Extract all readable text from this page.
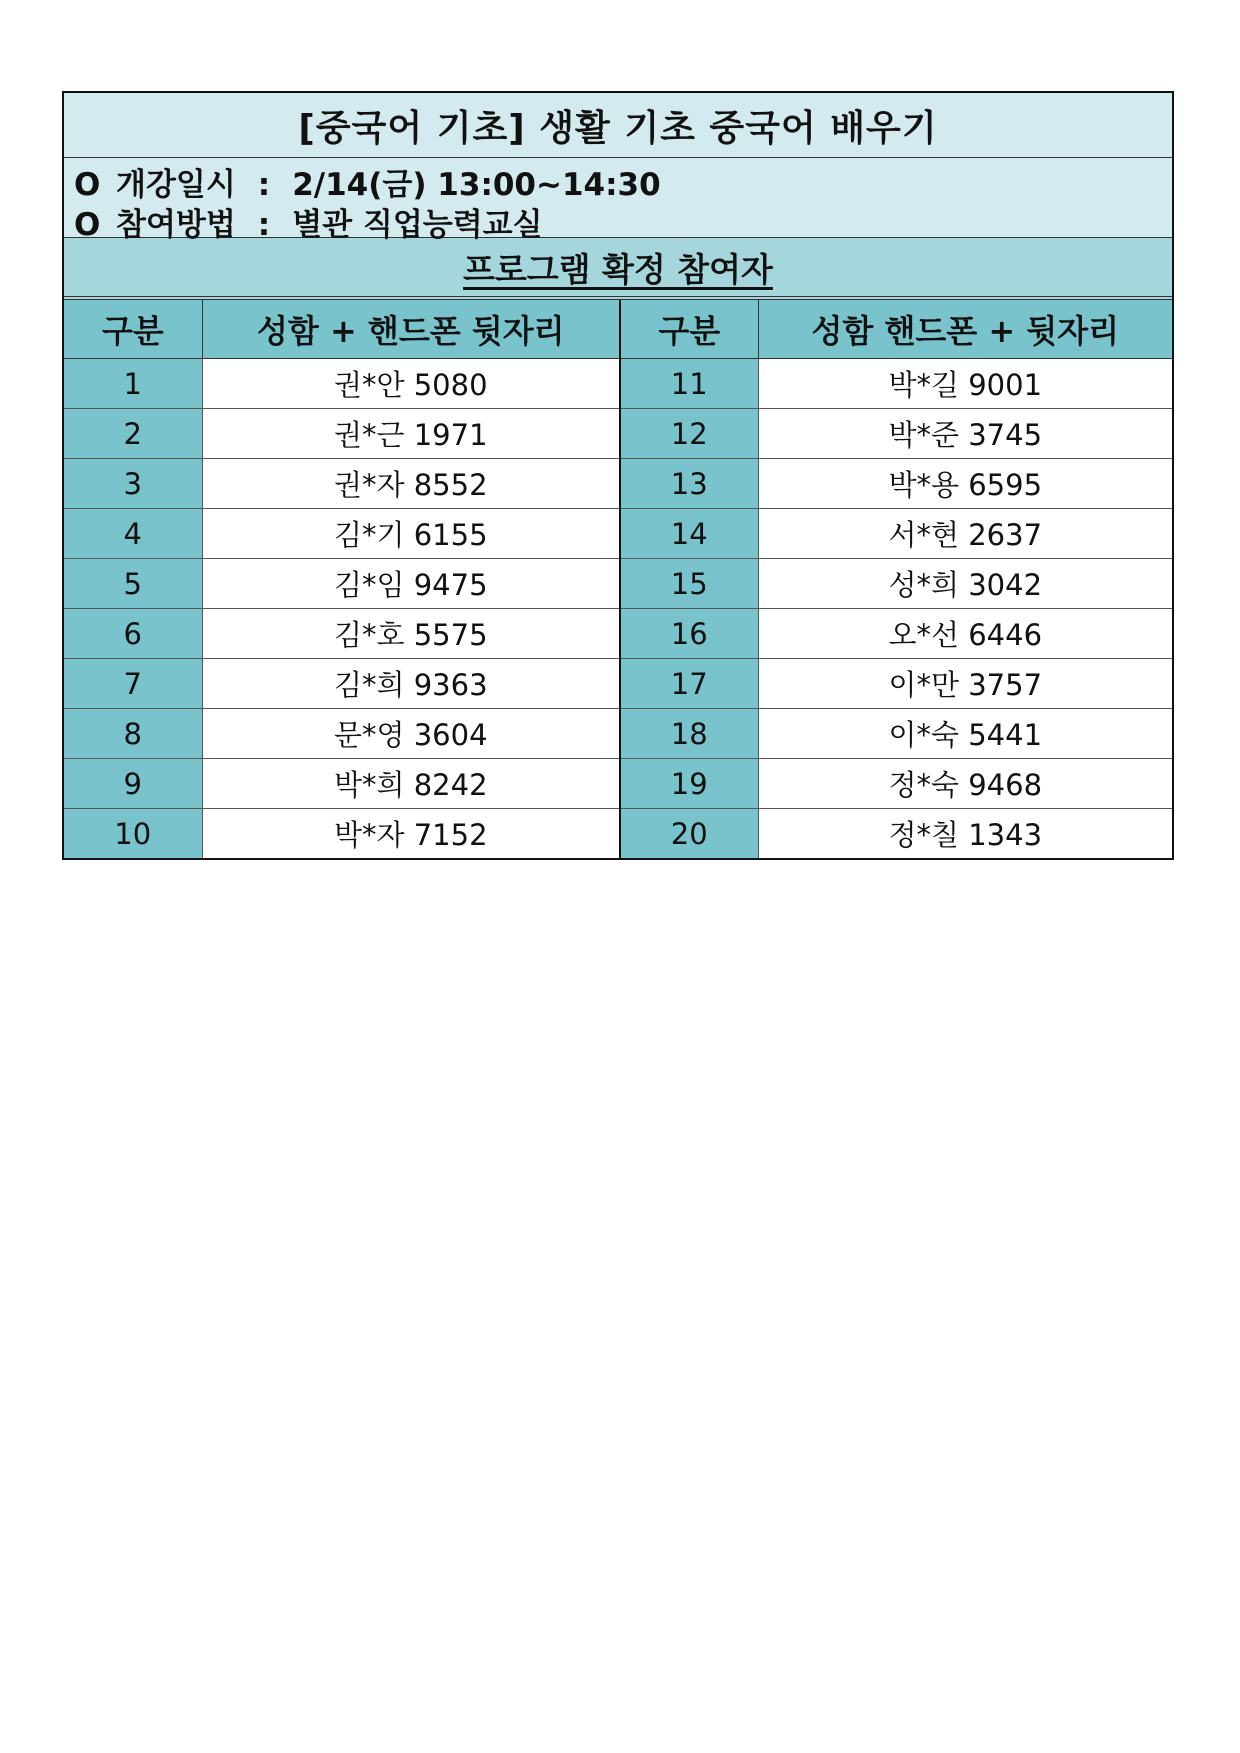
[중국어 기초] 생활 기초 중국어 배우기
O 개강일시 : 2/14(금) 13:00~14:30
O 참여방법 : 별관 직업능력교실
프로그램 확정 참여자
구분	성함 + 핸드폰 뒷자리	구분	성함 핸드폰 + 뒷자리
1	권*안 5080	11	박*길 9001
2	권*근 1971	12	박*준 3745
3	권*자 8552	13	박*용 6595
4	김*기 6155	14	서*현 2637
5	김*임 9475	15	성*희 3042
6	김*호 5575	16	오*선 6446
7	김*희 9363	17	이*만 3757
8	문*영 3604	18	이*숙 5441
9	박*희 8242	19	정*숙 9468
10	박*자 7152	20	정*칠 1343
